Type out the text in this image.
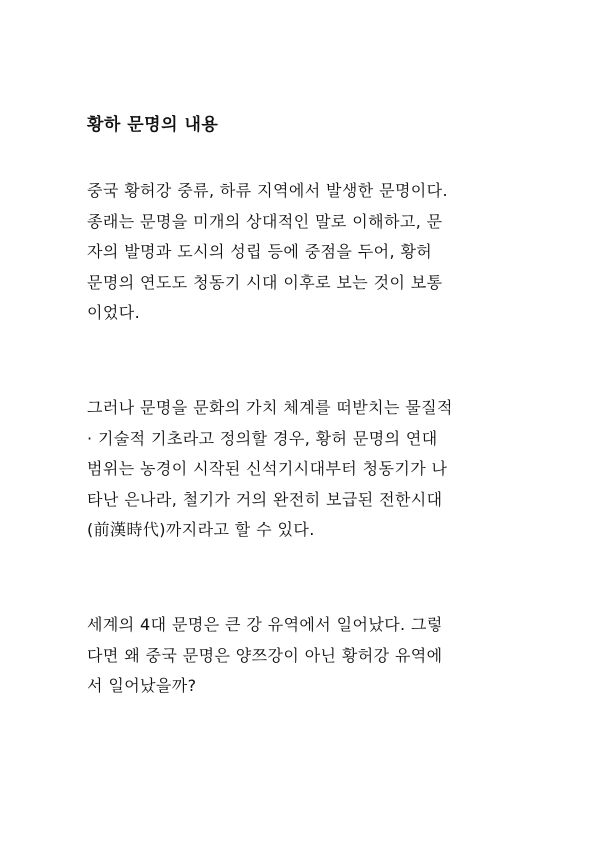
황하 문명의 내용
중국 황허강 중류, 하류 지역에서 발생한 문명이다.
종래는 문명을 미개의 상대적인 말로 이해하고, 문
자의 발명과 도시의 성립 등에 중점을 두어, 황허
문명의 연도도 청동기 시대 이후로 보는 것이 보통
이었다.
그러나 문명을 문화의 가치 체계를 떠받치는 물질적
· 기술적 기초라고 정의할 경우, 황허 문명의 연대
범위는 농경이 시작된 신석기시대부터 청동기가 나
타난 은나라, 철기가 거의 완전히 보급된 전한시대
(前漢時代)까지라고 할 수 있다.
세계의 4대 문명은 큰 강 유역에서 일어났다. 그렇
다면 왜 중국 문명은 양쯔강이 아닌 황허강 유역에
서 일어났을까?
